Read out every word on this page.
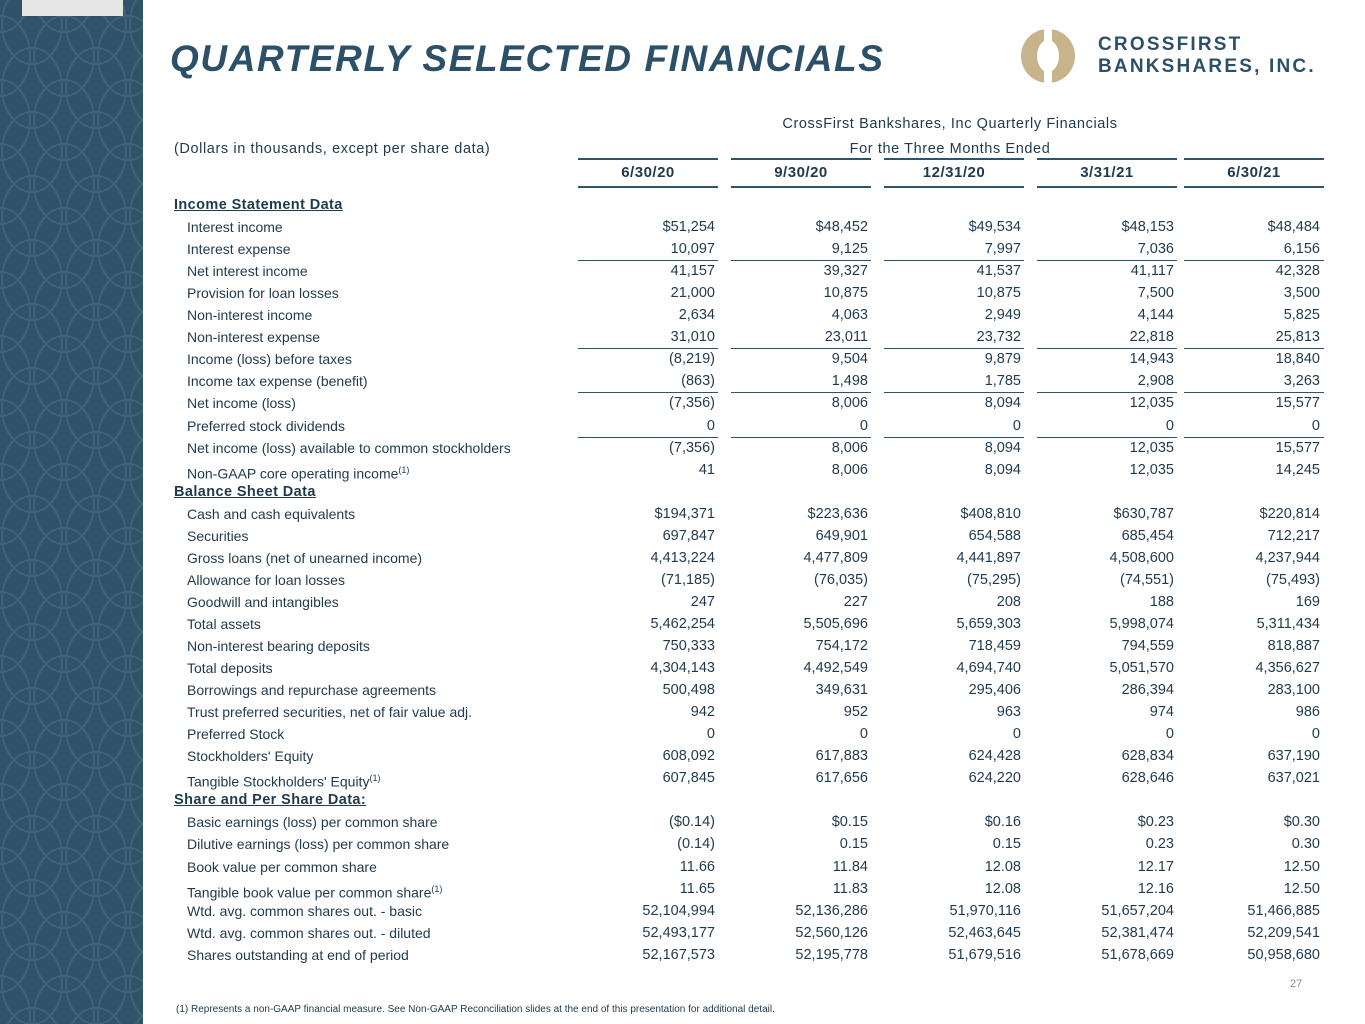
QUARTERLY SELECTED FINANCIALS	CROSSFIRST
BANKSHARES, INC.
CrossFirst Bankshares, Inc Quarterly Financials
For the Three Months Ended
(Dollars in thousands, except per share data)
6/30/20	9/30/20	12/31/20	3/31/21	6/30/21
Income Statement Data
Interest income	$51,254	$48,452	$49,534	$48,153	$48,484
Interest expense	10,097	9,125	7,997	7,036	6,156
Net interest income	41,157	39,327	41,537	41,117	42,328
Provision for loan losses	21,000	10,875	10,875	7,500	3,500
Non-interest income	2,634	4,063	2,949	4,144	5,825
Non-interest expense	31,010	23,011	23,732	22,818	25,813
Income (loss) before taxes	(8,219)	9,504	9,879	14,943	18,840
Income tax expense (benefit)	(863)	1,498	1,785	2,908	3,263
Net income (loss)	(7,356)	8,006	8,094	12,035	15,577
Preferred stock dividends	0	0	0	0	0
Net income (loss) available to common stockholders	(7,356)	8,006	8,094	12,035	15,577
Non-GAAP core operating income$^{(1)}$	41	8,006	8,094	12,035	14,245
Balance Sheet Data
Cash and cash equivalents	$194,371	$223,636	$408,810	$630,787	$220,814
Securities	697,847	649,901	654,588	685,454	712,217
Gross loans (net of unearned income)	4,413,224	4,477,809	4,441,897	4,508,600	4,237,944
Allowance for loan losses	(71,185)	(76,035)	(75,295)	(74,551)	(75,493)
Goodwill and intangibles	247	227	208	188	169
Total assets	5,462,254	5,505,696	5,659,303	5,998,074	5,311,434
Non-interest bearing deposits	750,333	754,172	718,459	794,559	818,887
Total deposits	4,304,143	4,492,549	4,694,740	5,051,570	4,356,627
Borrowings and repurchase agreements	500,498	349,631	295,406	286,394	283,100
Trust preferred securities, net of fair value adj.	942	952	963	974	986
Preferred Stock	0	0	0	0	0
Stockholders' Equity	608,092	617,883	624,428	628,834	637,190
Tangible Stockholders' Equity$^{(1)}$	607,845	617,656	624,220	628,646	637,021
Share and Per Share Data:
Basic earnings (loss) per common share	($0.14)	$0.15	$0.16	$0.23	$0.30
Dilutive earnings (loss) per common share	(0.14)	0.15	0.15	0.23	0.30
Book value per common share	11.66	11.84	12.08	12.17	12.50
Tangible book value per common share$^{(1)}$	11.65	11.83	12.08	12.16	12.50
Wtd. avg. common shares out. - basic	52,104,994	52,136,286	51,970,116	51,657,204	51,466,885
Wtd. avg. common shares out. - diluted	52,493,177	52,560,126	52,463,645	52,381,474	52,209,541
Shares outstanding at end of period	52,167,573	52,195,778	51,679,516	51,678,669	50,958,680
27
(1) Represents a non-GAAP financial measure. See Non-GAAP Reconciliation slides at the end of this presentation for additional detail.
